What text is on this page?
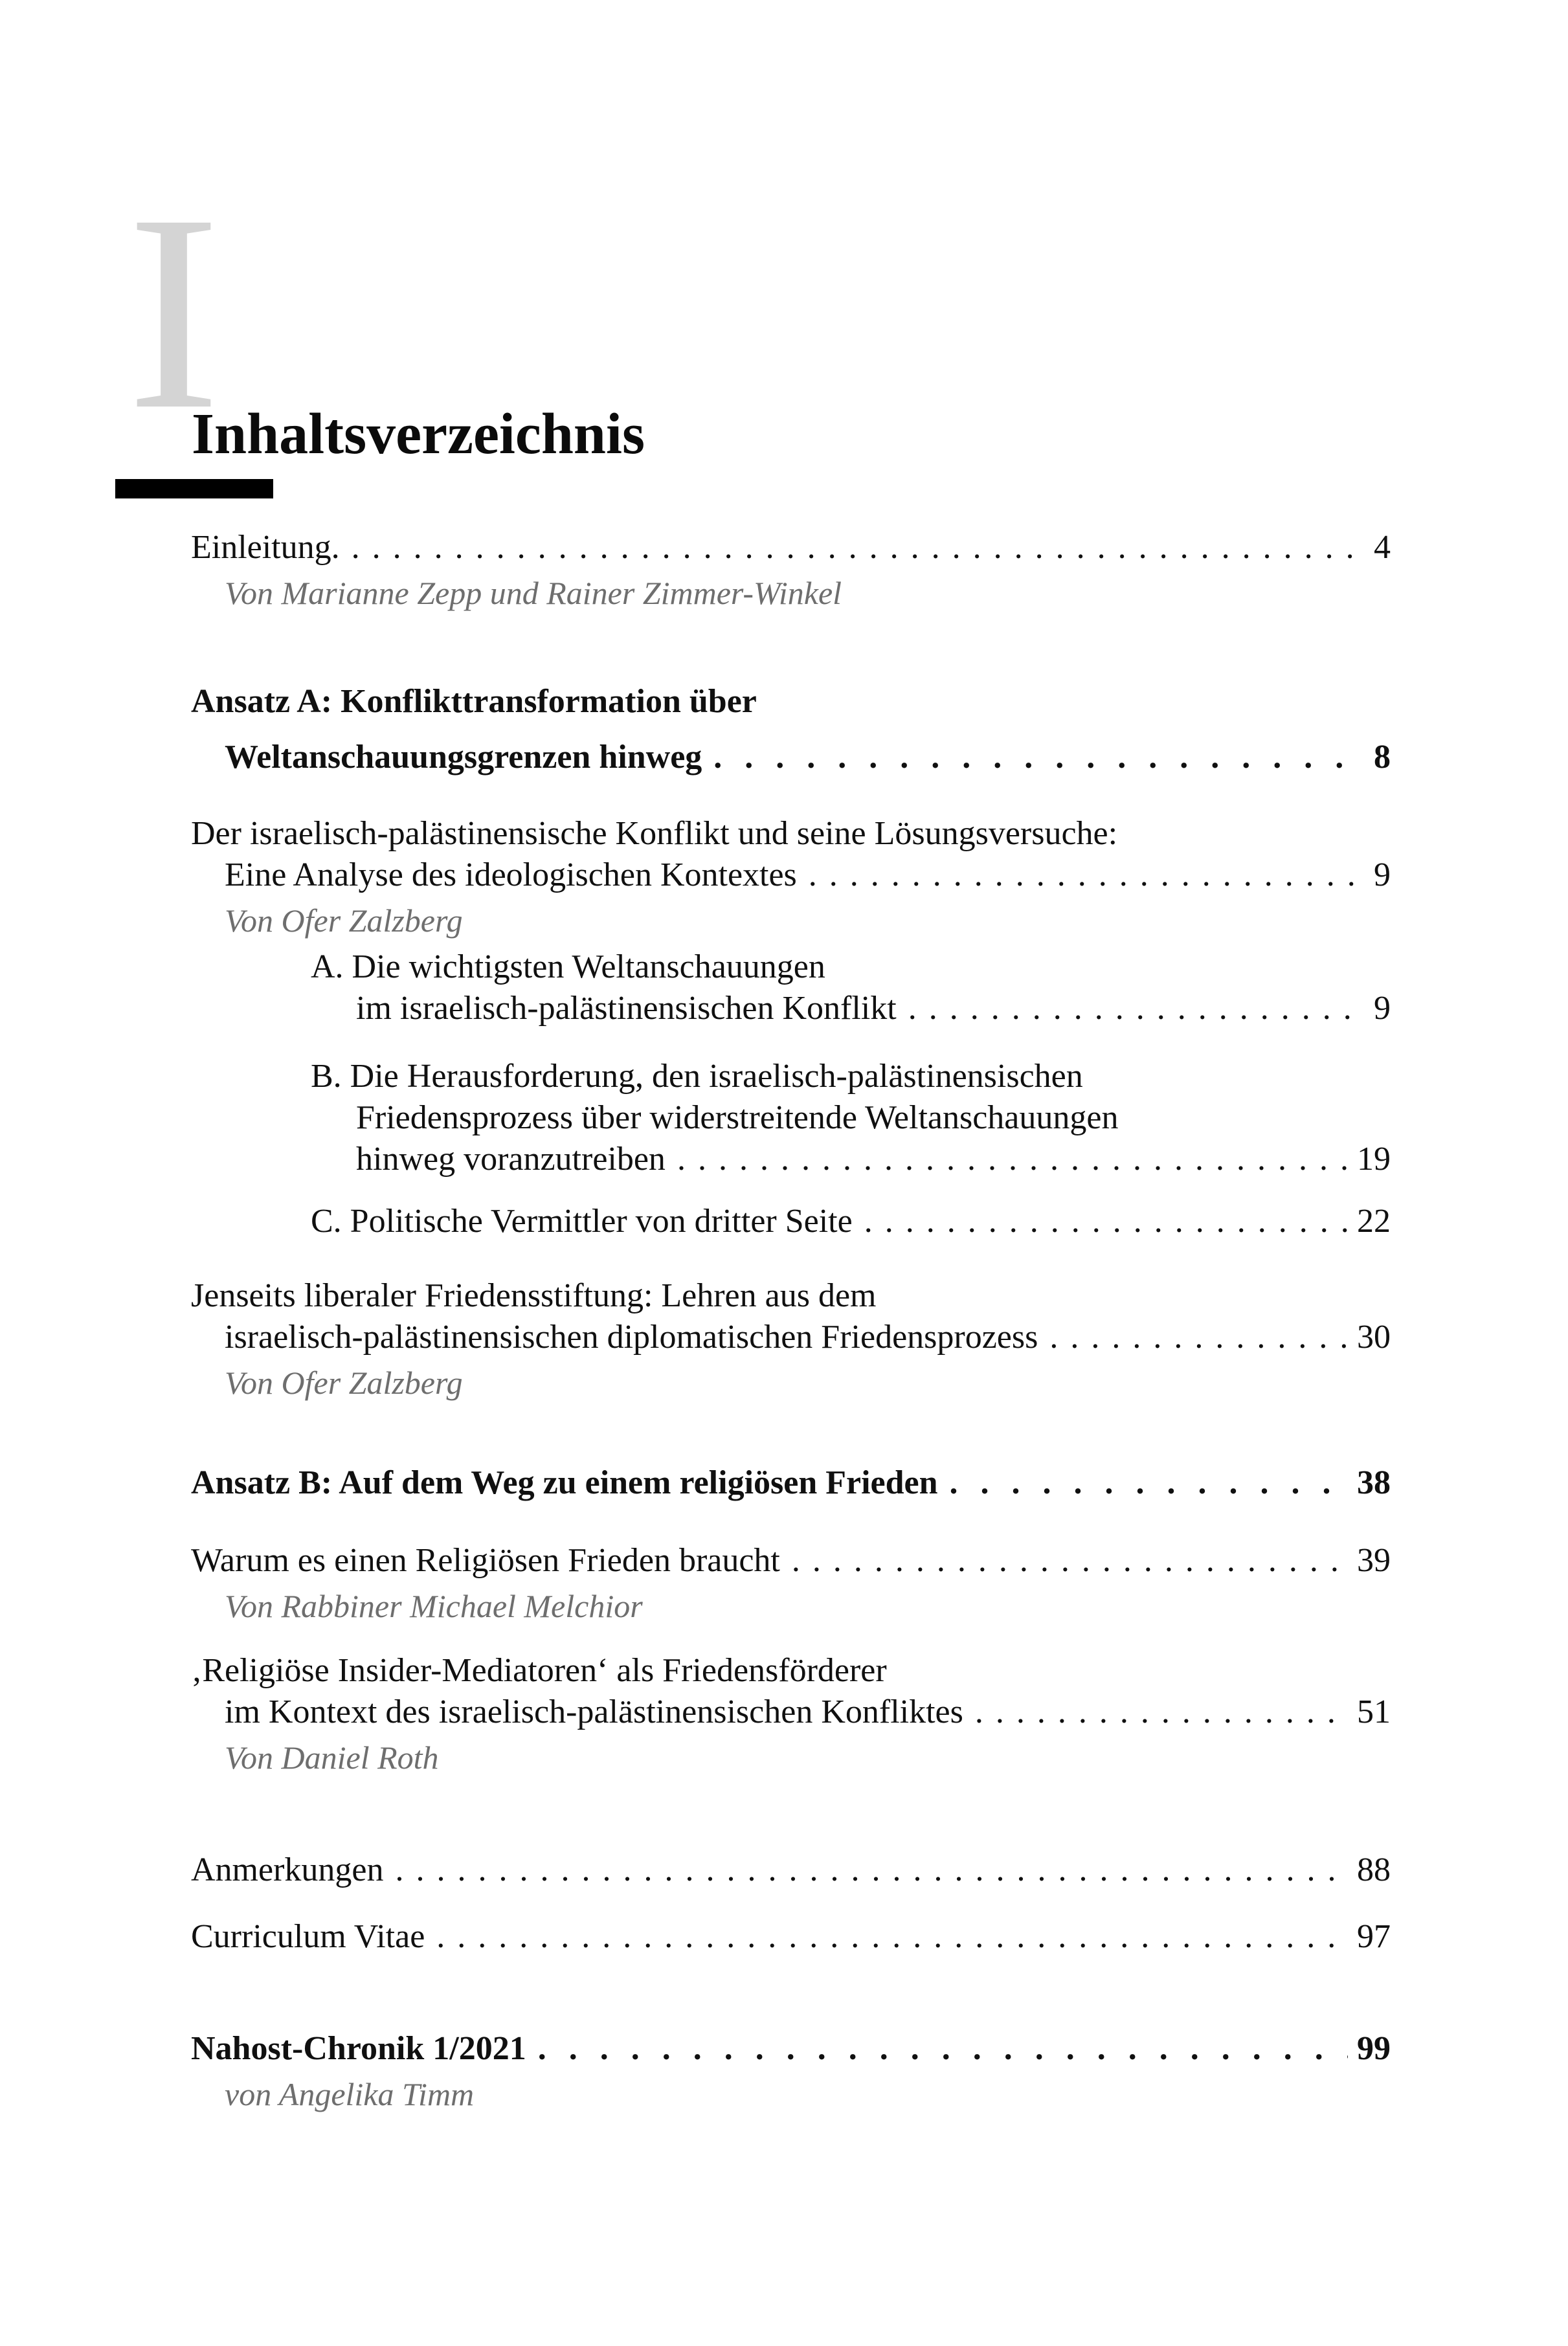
I
Inhaltsverzeichnis
Einleitung. . . .	4
Von Marianne Zepp und Rainer Zimmer-Winkel
Ansatz A: Konflikttransformation über
Weltanschauungsgrenzen hinweg . . .	8
Der israelisch-palästinensische Konflikt und seine Lösungsversuche:
Eine Analyse des ideologischen Kontextes . . .	9
Von Ofer Zalzberg
A. Die wichtigsten Weltanschauungen
im israelisch-palästinensischen Konflikt . . .	9
B. Die Herausforderung, den israelisch-palästinensischen
Friedensprozess über widerstreitende Weltanschauungen
hinweg voranzutreiben . . .	19
C. Politische Vermittler von dritter Seite . . .	22
Jenseits liberaler Friedensstiftung: Lehren aus dem
israelisch-palästinensischen diplomatischen Friedensprozess . . .	30
Von Ofer Zalzberg
Ansatz B: Auf dem Weg zu einem religiösen Frieden . . .	38
Warum es einen Religiösen Frieden braucht . . .	39
Von Rabbiner Michael Melchior
‚Religiöse Insider-Mediatoren‘ als Friedensförderer
im Kontext des israelisch-palästinensischen Konfliktes . . .	51
Von Daniel Roth
Anmerkungen . . .	88
Curriculum Vitae . . .	97
Nahost-Chronik 1/2021 . . .	99
von Angelika Timm
